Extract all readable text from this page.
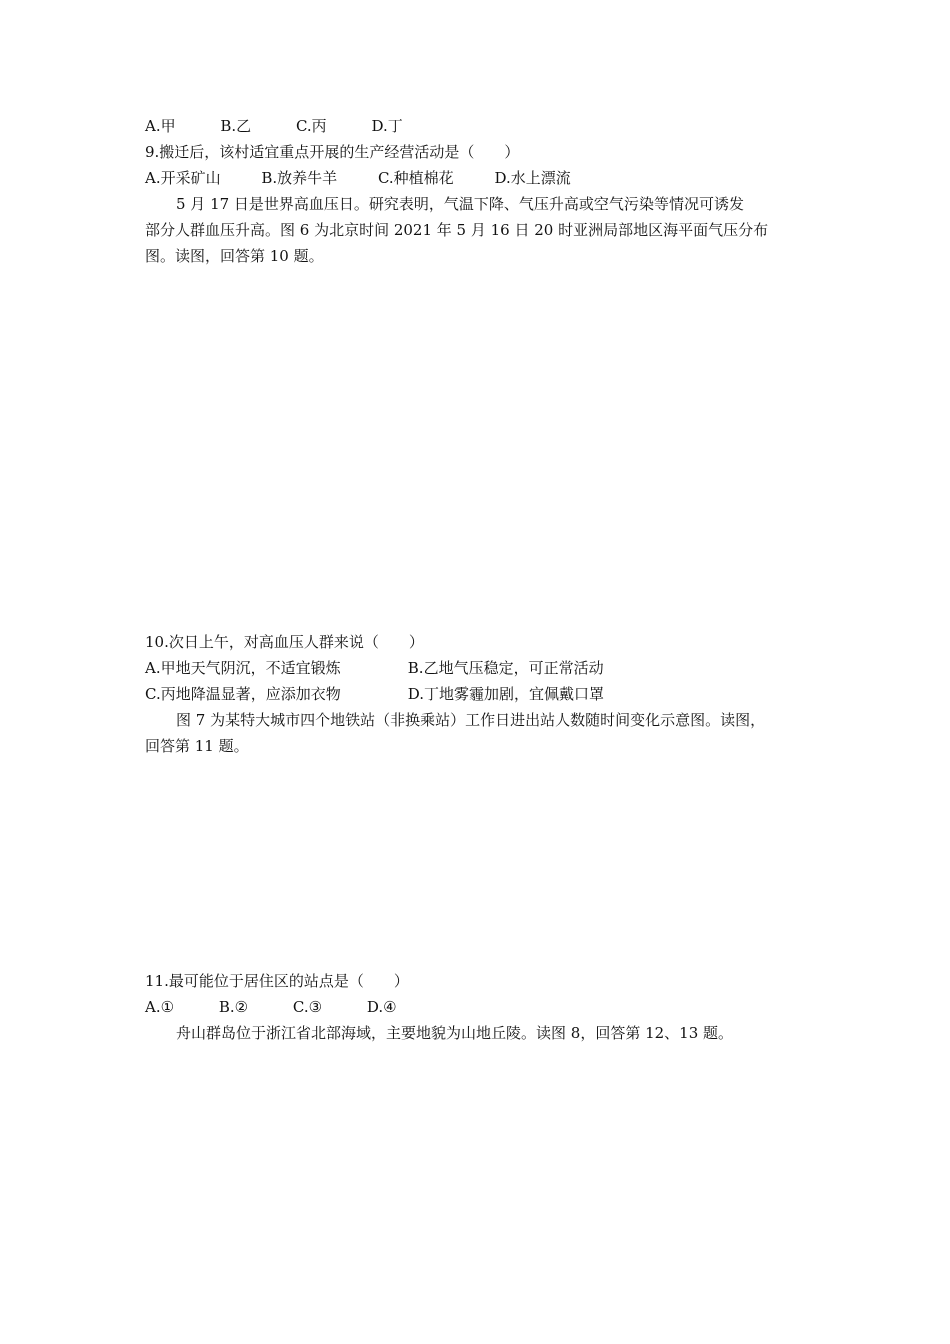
A.甲	B.乙	C.丙	D.丁
9.搬迁后，该村适宜重点开展的生产经营活动是（　　）
A.开采矿山	B.放养牛羊	C.种植棉花	D.水上漂流
5 月 17 日是世界高血压日。研究表明，气温下降、气压升高或空气污染等情况可诱发
部分人群血压升高。图 6 为北京时间 2021 年 5 月 16 日 20 时亚洲局部地区海平面气压分布
图。读图，回答第 10 题。
10.次日上午，对高血压人群来说（　　）
A.甲地天气阴沉，不适宜锻炼	B.乙地气压稳定，可正常活动
C.丙地降温显著，应添加衣物	D.丁地雾霾加剧，宜佩戴口罩
图 7 为某特大城市四个地铁站（非换乘站）工作日进出站人数随时间变化示意图。读图，
回答第 11 题。
11.最可能位于居住区的站点是（　　）
A.①	B.②	C.③	D.④
舟山群岛位于浙江省北部海域，主要地貌为山地丘陵。读图 8，回答第 12、13 题。
